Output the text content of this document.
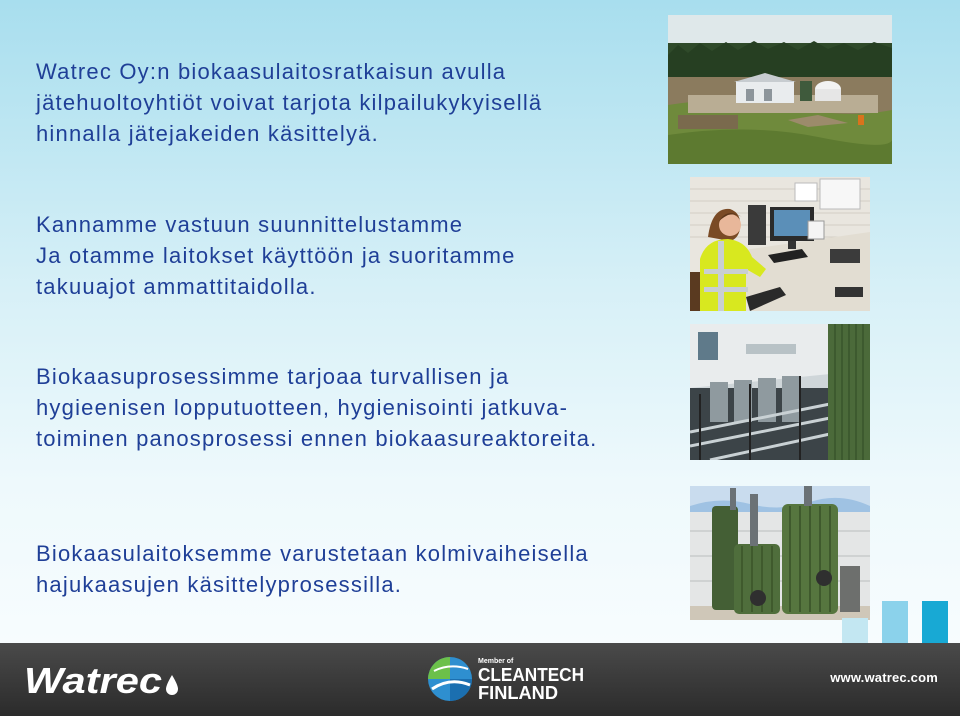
Watrec Oy:n biokaasulaitosratkaisun avulla
jätehuoltoyhtiöt voivat tarjota kilpailukykyisellä
hinnalla jätejakeiden käsittelyä.

Kannamme vastuun suunnittelustamme
Ja otamme laitokset käyttöön ja suoritamme
takuuajot ammattitaidolla.

Biokaasuprosessimme tarjoaa turvallisen ja
hygieenisen lopputuotteen, hygienisointi jatkuva-
toiminen panosprosessi ennen biokaasureaktoreita.

Biokaasulaitoksemme varustetaan kolmivaiheisella
hajukaasujen käsittelyprosessilla.

Watrec	Member of
CLEANTECH
FINLAND
www.watrec.com
